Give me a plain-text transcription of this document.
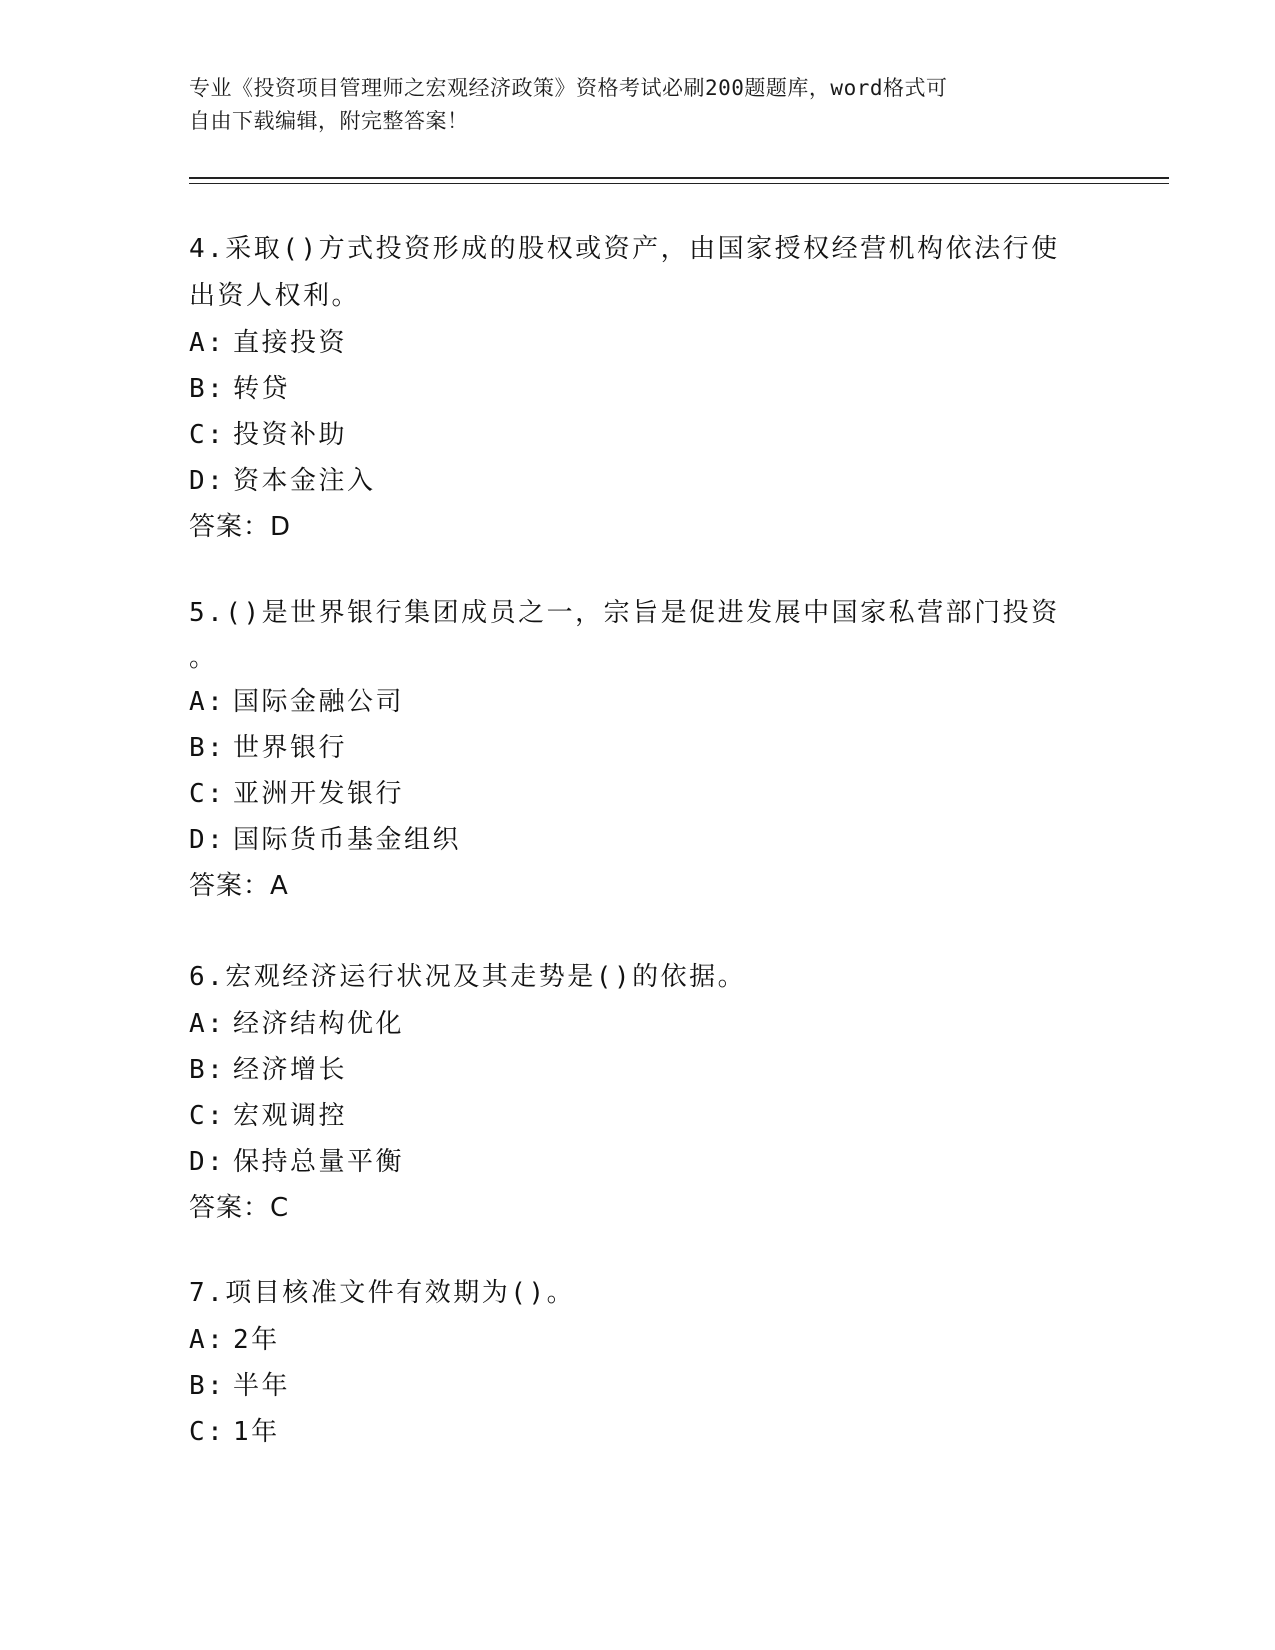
专业《投资项目管理师之宏观经济政策》资格考试必刷200题题库，word格式可
自由下载编辑，附完整答案！

4.采取()方式投资形成的股权或资产，由国家授权经营机构依法行使

出资人权利。

A: 直接投资

B: 转贷

C: 投资补助

D: 资本金注入

答案：D

5.()是世界银行集团成员之一，宗旨是促进发展中国家私营部门投资

。

A: 国际金融公司

B: 世界银行

C: 亚洲开发银行

D: 国际货币基金组织

答案：A

6.宏观经济运行状况及其走势是()的依据。

A: 经济结构优化

B: 经济增长

C: 宏观调控

D: 保持总量平衡

答案：C

7.项目核准文件有效期为()。

A: 2年

B: 半年

C: 1年
